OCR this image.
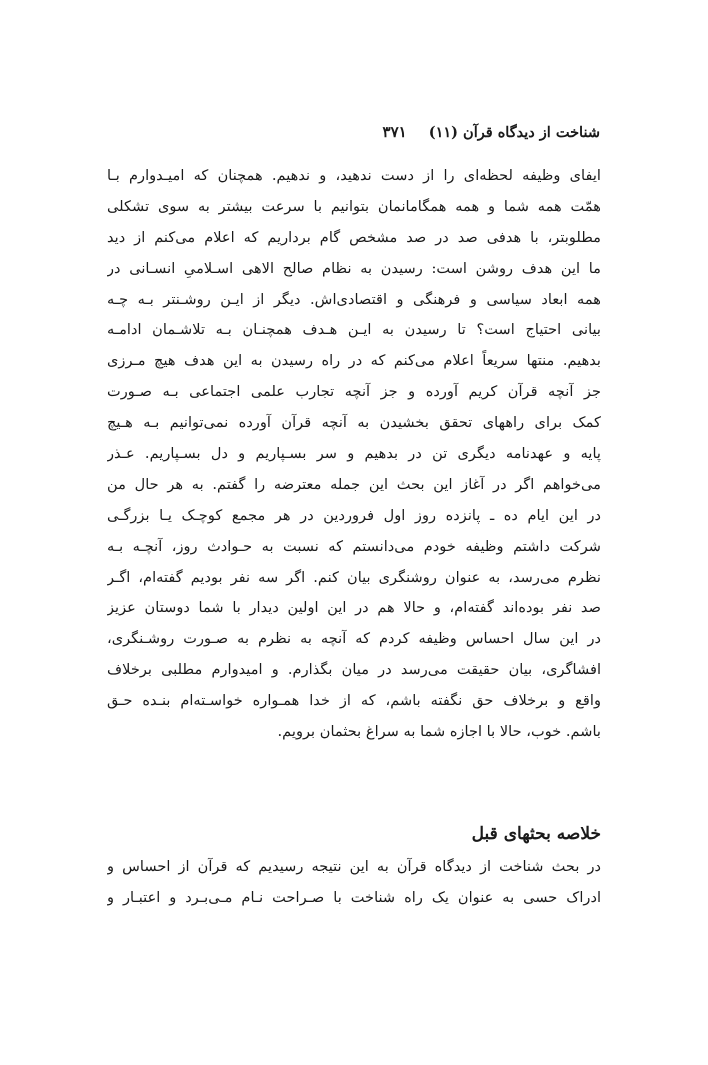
شناخت از دیدگاه قرآن (۱۱)
۳۷۱
ایفای وظیفه لحظه‌ای را از دست ندهید، و ندهیم. همچنان که امیـدوارم بـا
همّت همه شما و همه همگامانمان بتوانیم با سرعت بیشتر به سوی تشکلی
مطلوبتر، با هدفی صد در صد مشخص گام برداریم که اعلام می‌کنم از دید
ما این هدف روشن است: رسیدن به نظام صالح الاهی اسـلامیِ انسـانی در
همه ابعاد سیاسی و فرهنگی و اقتصادی‌اش. دیگر از ایـن روشـنتر بـه چـه
بیانی احتیاج است؟ تا رسیدن به ایـن هـدف همچنـان بـه تلاشـمان ادامـه
بدهیم. منتها سریعاً اعلام می‌کنم که در راه رسیدن به این هدف هیچ مـرزی
جز آنچه قرآن کریم آورده و جز آنچه تجارب علمی اجتماعی بـه صـورت
کمک برای راههای تحقق بخشیدن به آنچه قرآن آورده نمی‌توانیم بـه هـیچ
پایه و عهدنامه دیگری تن در بدهیم و سر بسـپاریم و دل بسـپاریم. عـذر
می‌خواهم اگر در آغاز این بحث این جمله معترضه را گفتم. به هر حال من
در این ایام ده ـ پانزده روز اول فروردین در هر مجمع کوچـک یـا بزرگـی
شرکت داشتم وظیفه خودم می‌دانستم که نسبت به حـوادث روز، آنچـه بـه
نظرم می‌رسد، به عنوان روشنگری بیان کنم. اگر سه نفر بودیم گفته‌ام، اگـر
صد نفر بوده‌اند گفته‌ام، و حالا هم در این اولین دیدار با شما دوستان عزیز
در این سال احساس وظیفه کردم که آنچه به نظرم به صـورت روشـنگری،
افشاگری، بیان حقیقت می‌رسد در میان بگذارم. و امیدوارم مطلبی برخلاف
واقع و برخلاف حق نگفته باشم، که از خدا همـواره خواسـته‌ام بنـده حـق
باشم. خوب، حالا با اجازه شما به سراغ بحثمان برویم.
خلاصه بحثهای قبل
در بحث شناخت از دیدگاه قرآن به این نتیجه رسیدیم که قرآن از احساس و
ادراک حسی به عنوان یک راه شناخت با صـراحت نـام مـی‌بـرد و اعتبـار و
